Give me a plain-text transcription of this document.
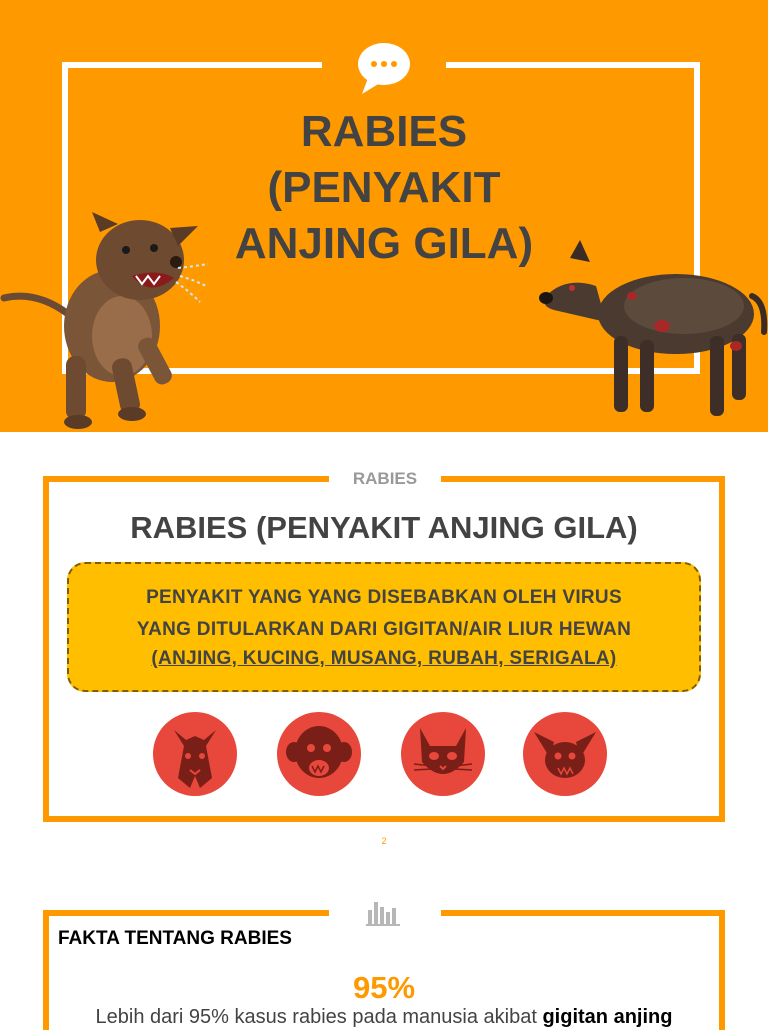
RABIES
(PENYAKIT
ANJING GILA)
RABIES
RABIES (PENYAKIT ANJING GILA)
PENYAKIT YANG YANG DISEBABKAN OLEH VIRUS
YANG DITULARKAN DARI GIGITAN/AIR LIUR HEWAN
(ANJING, KUCING, MUSANG, RUBAH, SERIGALA)
2
FAKTA TENTANG RABIES
95%
Lebih dari 95% kasus rabies pada manusia akibat gigitan anjing
